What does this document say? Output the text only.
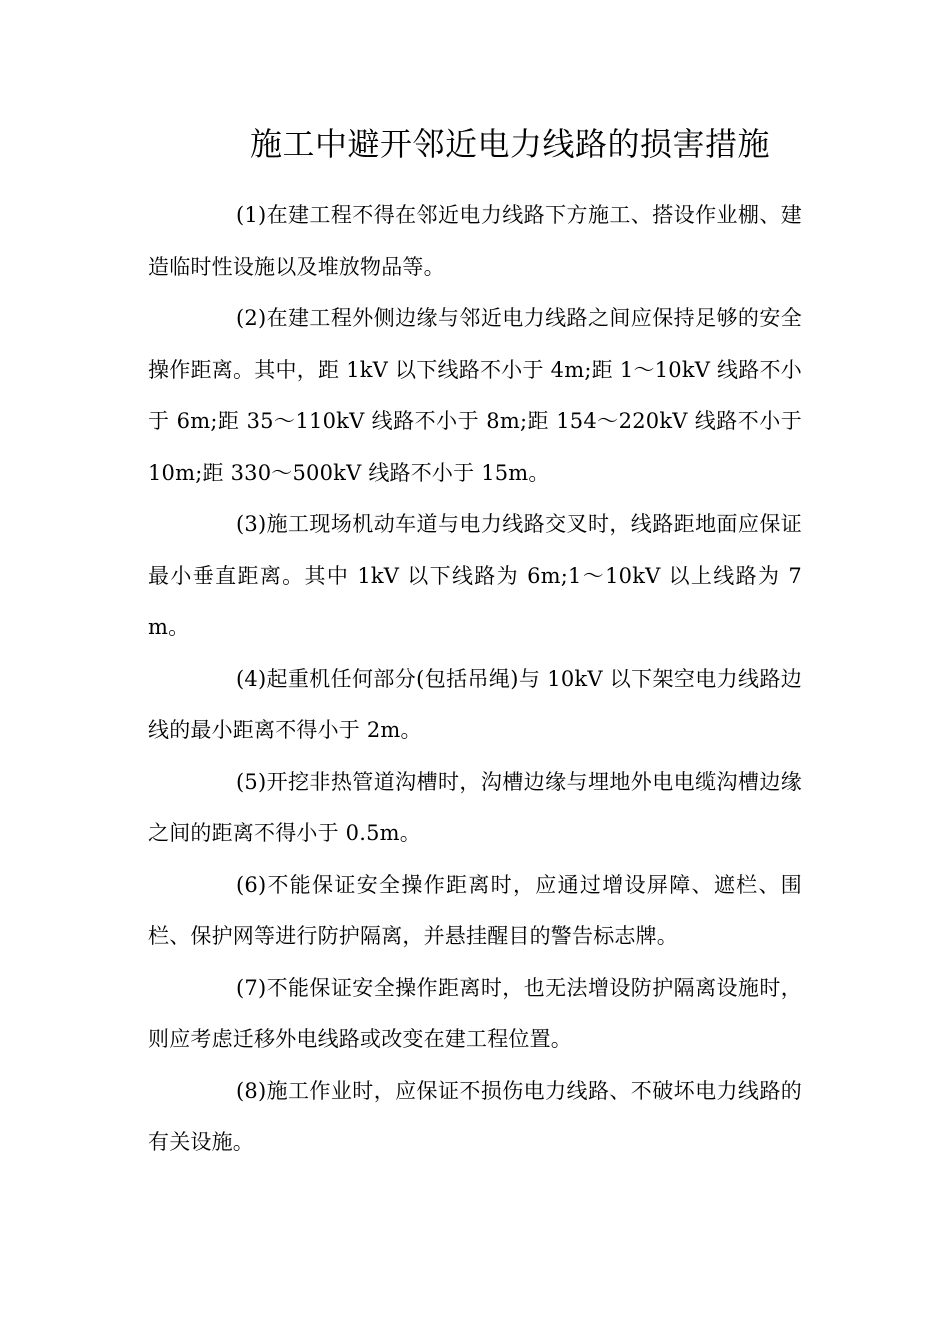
施工中避开邻近电力线路的损害措施

(1)在建工程不得在邻近电力线路下方施工、搭设作业棚、建造临时性设施以及堆放物品等。

(2)在建工程外侧边缘与邻近电力线路之间应保持足够的安全操作距离。其中，距 1kV 以下线路不小于 4m;距 1～10kV 线路不小于 6m;距 35～110kV 线路不小于 8m;距 154～220kV 线路不小于 10m;距 330～500kV 线路不小于 15m。

(3)施工现场机动车道与电力线路交叉时，线路距地面应保证最小垂直距离。其中 1kV 以下线路为 6m;1～10kV 以上线路为 7m。

(4)起重机任何部分(包括吊绳)与 10kV 以下架空电力线路边线的最小距离不得小于 2m。

(5)开挖非热管道沟槽时，沟槽边缘与埋地外电电缆沟槽边缘之间的距离不得小于 0.5m。

(6)不能保证安全操作距离时，应通过增设屏障、遮栏、围栏、保护网等进行防护隔离，并悬挂醒目的警告标志牌。

(7)不能保证安全操作距离时，也无法增设防护隔离设施时，则应考虑迁移外电线路或改变在建工程位置。

(8)施工作业时，应保证不损伤电力线路、不破坏电力线路的有关设施。
